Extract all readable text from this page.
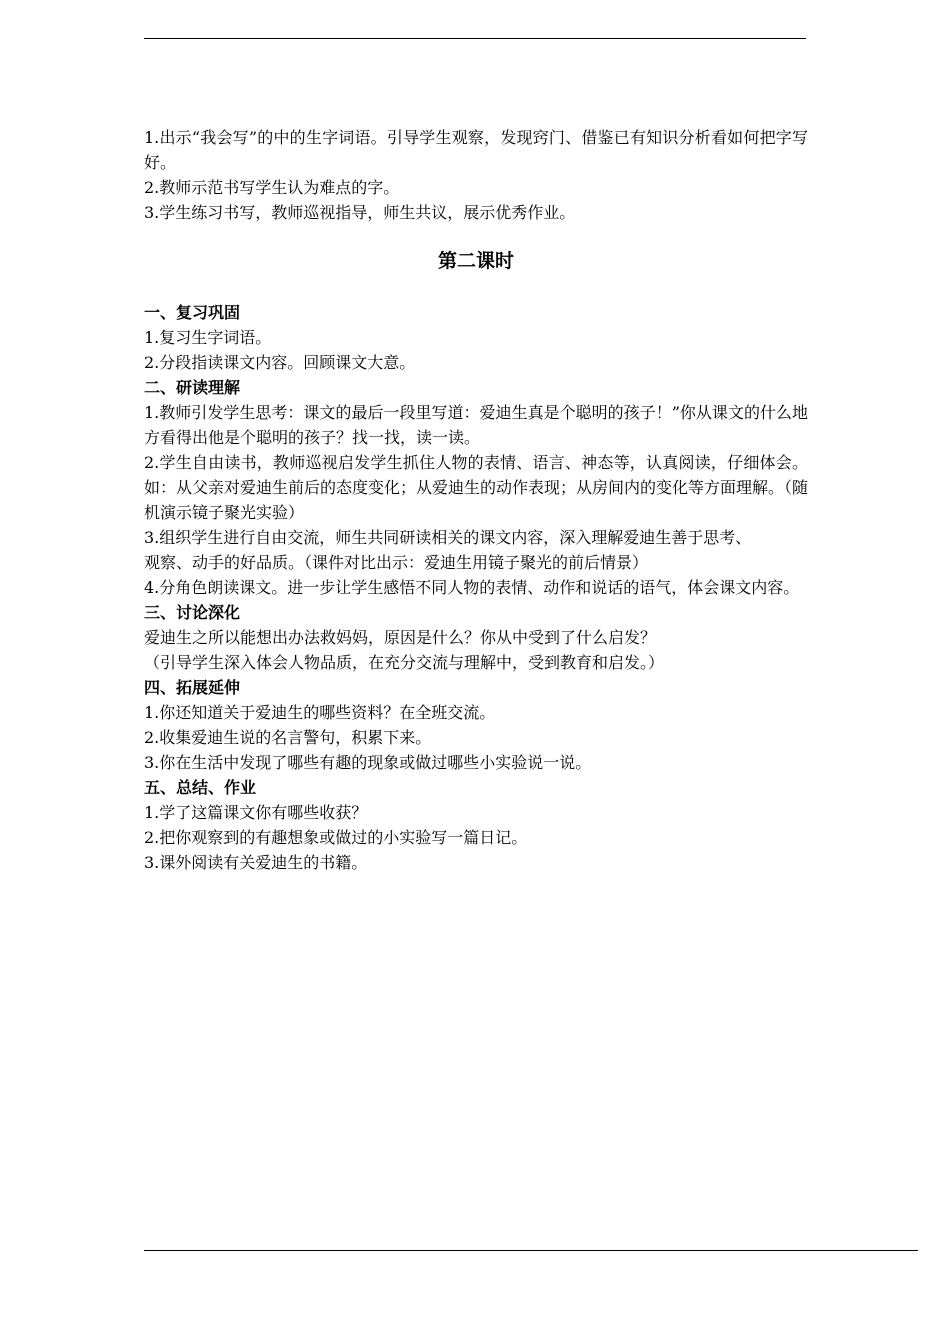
1.出示“我会写”的中的生字词语。引导学生观察，发现窍门、借鉴已有知识分析看如何把字写好。

2.教师示范书写学生认为难点的字。

3.学生练习书写，教师巡视指导，师生共议，展示优秀作业。

第二课时

一、复习巩固

1.复习生字词语。

2.分段指读课文内容。回顾课文大意。

二、研读理解

1.教师引发学生思考：课文的最后一段里写道：爱迪生真是个聪明的孩子！”你从课文的什么地方看得出他是个聪明的孩子？找一找，读一读。

2.学生自由读书，教师巡视启发学生抓住人物的表情、语言、神态等，认真阅读，仔细体会。如：从父亲对爱迪生前后的态度变化；从爱迪生的动作表现；从房间内的变化等方面理解。（随机演示镜子聚光实验）

3.组织学生进行自由交流，师生共同研读相关的课文内容，深入理解爱迪生善于思考、

观察、动手的好品质。（课件对比出示：爱迪生用镜子聚光的前后情景）

4.分角色朗读课文。进一步让学生感悟不同人物的表情、动作和说话的语气，体会课文内容。

三、讨论深化

爱迪生之所以能想出办法救妈妈，原因是什么？你从中受到了什么启发？

（引导学生深入体会人物品质，在充分交流与理解中，受到教育和启发。）

四、拓展延伸

1.你还知道关于爱迪生的哪些资料？在全班交流。

2.收集爱迪生说的名言警句，积累下来。

3.你在生活中发现了哪些有趣的现象或做过哪些小实验说一说。

五、总结、作业

1.学了这篇课文你有哪些收获？

2.把你观察到的有趣想象或做过的小实验写一篇日记。

3.课外阅读有关爱迪生的书籍。
